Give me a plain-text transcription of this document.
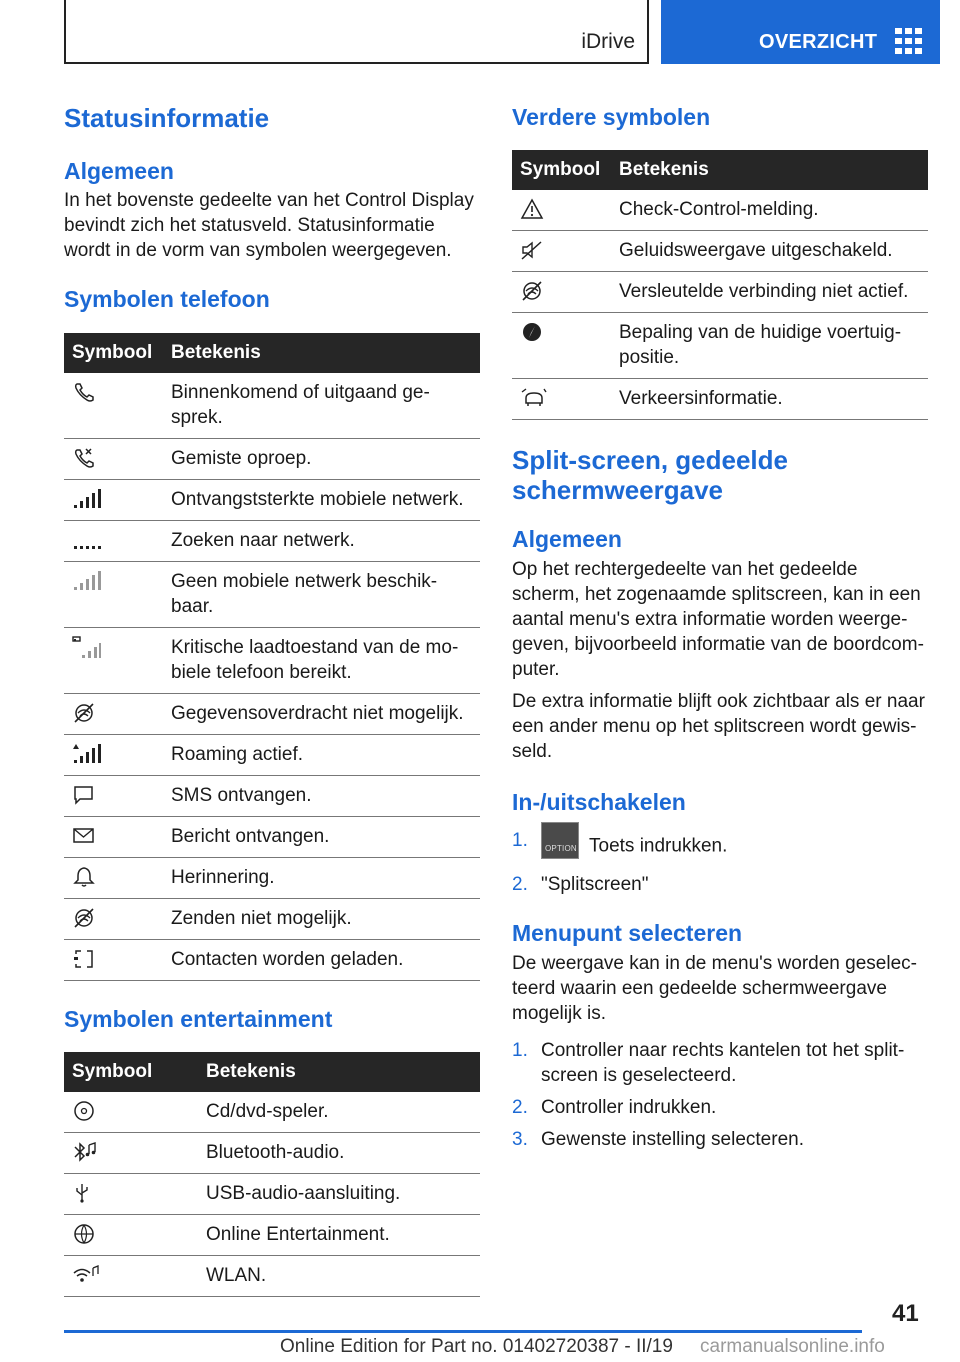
iDrive	OVERZICHT
Statusinformatie
Algemeen

In het bovenste gedeelte van het Control Display bevindt zich het statusveld. Statusinformatie wordt in de vorm van symbolen weergegeven.

Symbolen telefoon
Symbool	Betekenis

	Binnenkomend of uitgaand ge-sprek.

	Gemiste oproep.

	Ontvangststerkte mobiele netwerk.

	Zoeken naar netwerk.

	Geen mobiele netwerk beschik-baar.

	Kritische laadtoestand van de mo-biele telefoon bereikt.

	Gegevensoverdracht niet mogelijk.

	Roaming actief.

	SMS ontvangen.

	Bericht ontvangen.

	Herinnering.

	Zenden niet mogelijk.

	Contacten worden geladen.
Symbolen entertainment
Symbool	Betekenis

	Cd/dvd-speler.

	Bluetooth-audio.

	USB-audio-aansluiting.

	Online Entertainment.

	WLAN.
Verdere symbolen
Symbool	Betekenis

	Check-Control-melding.

	Geluidsweergave uitgeschakeld.

	Versleutelde verbinding niet actief.

	Bepaling van de huidige voertuig-positie.

	Verkeersinformatie.
Split-screen, gedeelde schermweergave
Algemeen

Op het rechtergedeelte van het gedeelde scherm, het zogenaamde splitscreen, kan in een aantal menu's extra informatie worden weerge-geven, bijvoorbeeld informatie van de boordcom-puter.

De extra informatie blijft ook zichtbaar als er naar een ander menu op het splitscreen wordt gewis-seld.

In-/uitschakelen
1. OPTION Toets indrukken.
2. "Splitscreen"
Menupunt selecteren

De weergave kan in de menu's worden geselec-teerd waarin een gedeelde schermweergave mogelijk is.

1. Controller naar rechts kantelen tot het split-screen is geselecteerd.
2. Controller indrukken.
3. Gewenste instelling selecteren.
41
Online Edition for Part no. 01402720387 - II/19 carmanualsonline.info
